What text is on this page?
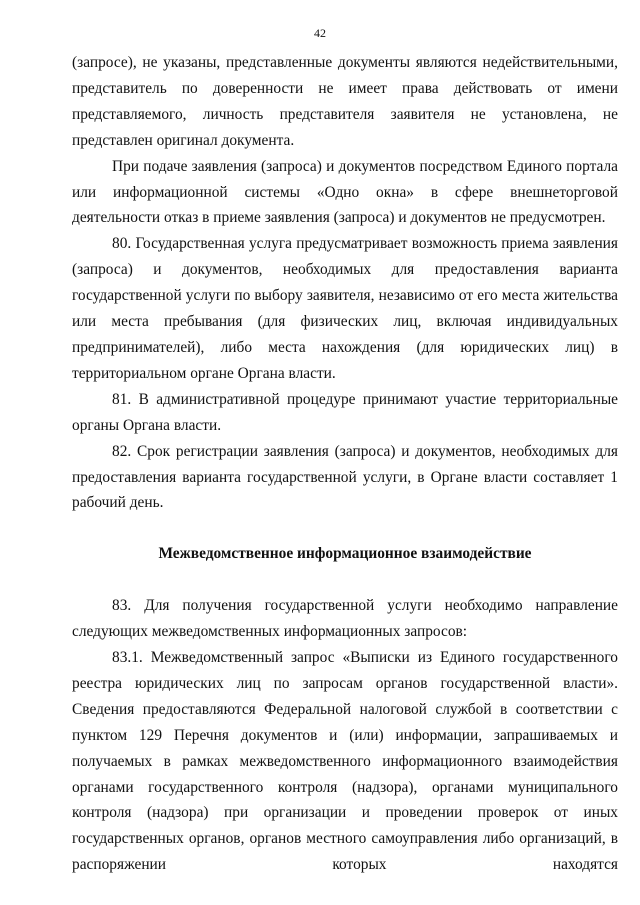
42

(запросе), не указаны, представленные документы являются недействительными, представитель по доверенности не имеет права действовать от имени представляемого, личность представителя заявителя не установлена, не представлен оригинал документа.

При подаче заявления (запроса) и документов посредством Единого портала или информационной системы «Одно окна» в сфере внешнеторговой деятельности отказ в приеме заявления (запроса) и документов не предусмотрен.

80. Государственная услуга предусматривает возможность приема заявления (запроса) и документов, необходимых для предоставления варианта государственной услуги по выбору заявителя, независимо от его места жительства или места пребывания (для физических лиц, включая индивидуальных предпринимателей), либо места нахождения (для юридических лиц) в территориальном органе Органа власти.

81. В административной процедуре принимают участие территориальные органы Органа власти.

82. Срок регистрации заявления (запроса) и документов, необходимых для предоставления варианта государственной услуги, в Органе власти составляет 1 рабочий день.

Межведомственное информационное взаимодействие

83. Для получения государственной услуги необходимо направление следующих межведомственных информационных запросов:

83.1. Межведомственный запрос «Выписки из Единого государственного реестра юридических лиц по запросам органов государственной власти». Сведения предоставляются Федеральной налоговой службой в соответствии с пунктом 129 Перечня документов и (или) информации, запрашиваемых и получаемых в рамках межведомственного информационного взаимодействия органами государственного контроля (надзора), органами муниципального контроля (надзора) при организации и проведении проверок от иных государственных органов, органов местного самоуправления либо организаций, в распоряжении которых находятся
